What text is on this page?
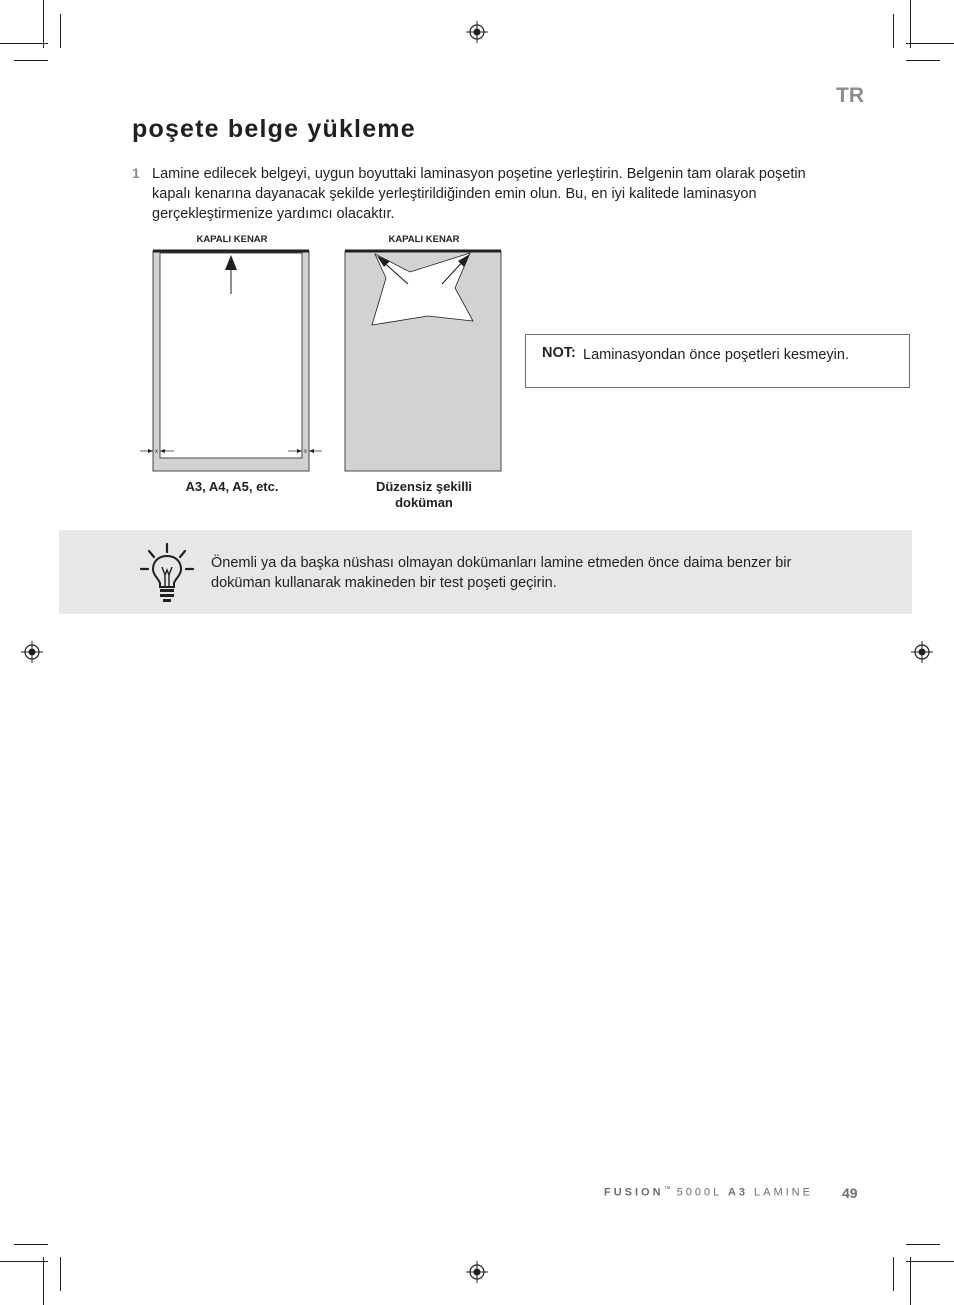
TR
poşete belge yükleme
1 Lamine edilecek belgeyi, uygun boyuttaki laminasyon poşetine yerleştirin. Belgenin tam olarak poşetin kapalı kenarına dayanacak şekilde yerleştirildiğinden emin olun. Bu, en iyi kalitede laminasyon gerçekleştirmenize yardımcı olacaktır.
KAPALI KENAR
x	x
A3, A4, A5, etc.
KAPALI KENAR
Düzensiz şekilli
doküman
NOT: Laminasyondan önce poşetleri kesmeyin.
Önemli ya da başka nüshası olmayan dokümanları lamine etmeden önce daima benzer bir doküman kullanarak makineden bir test poşeti geçirin.
FUSION™ 5000L A3 LAMINE	49
